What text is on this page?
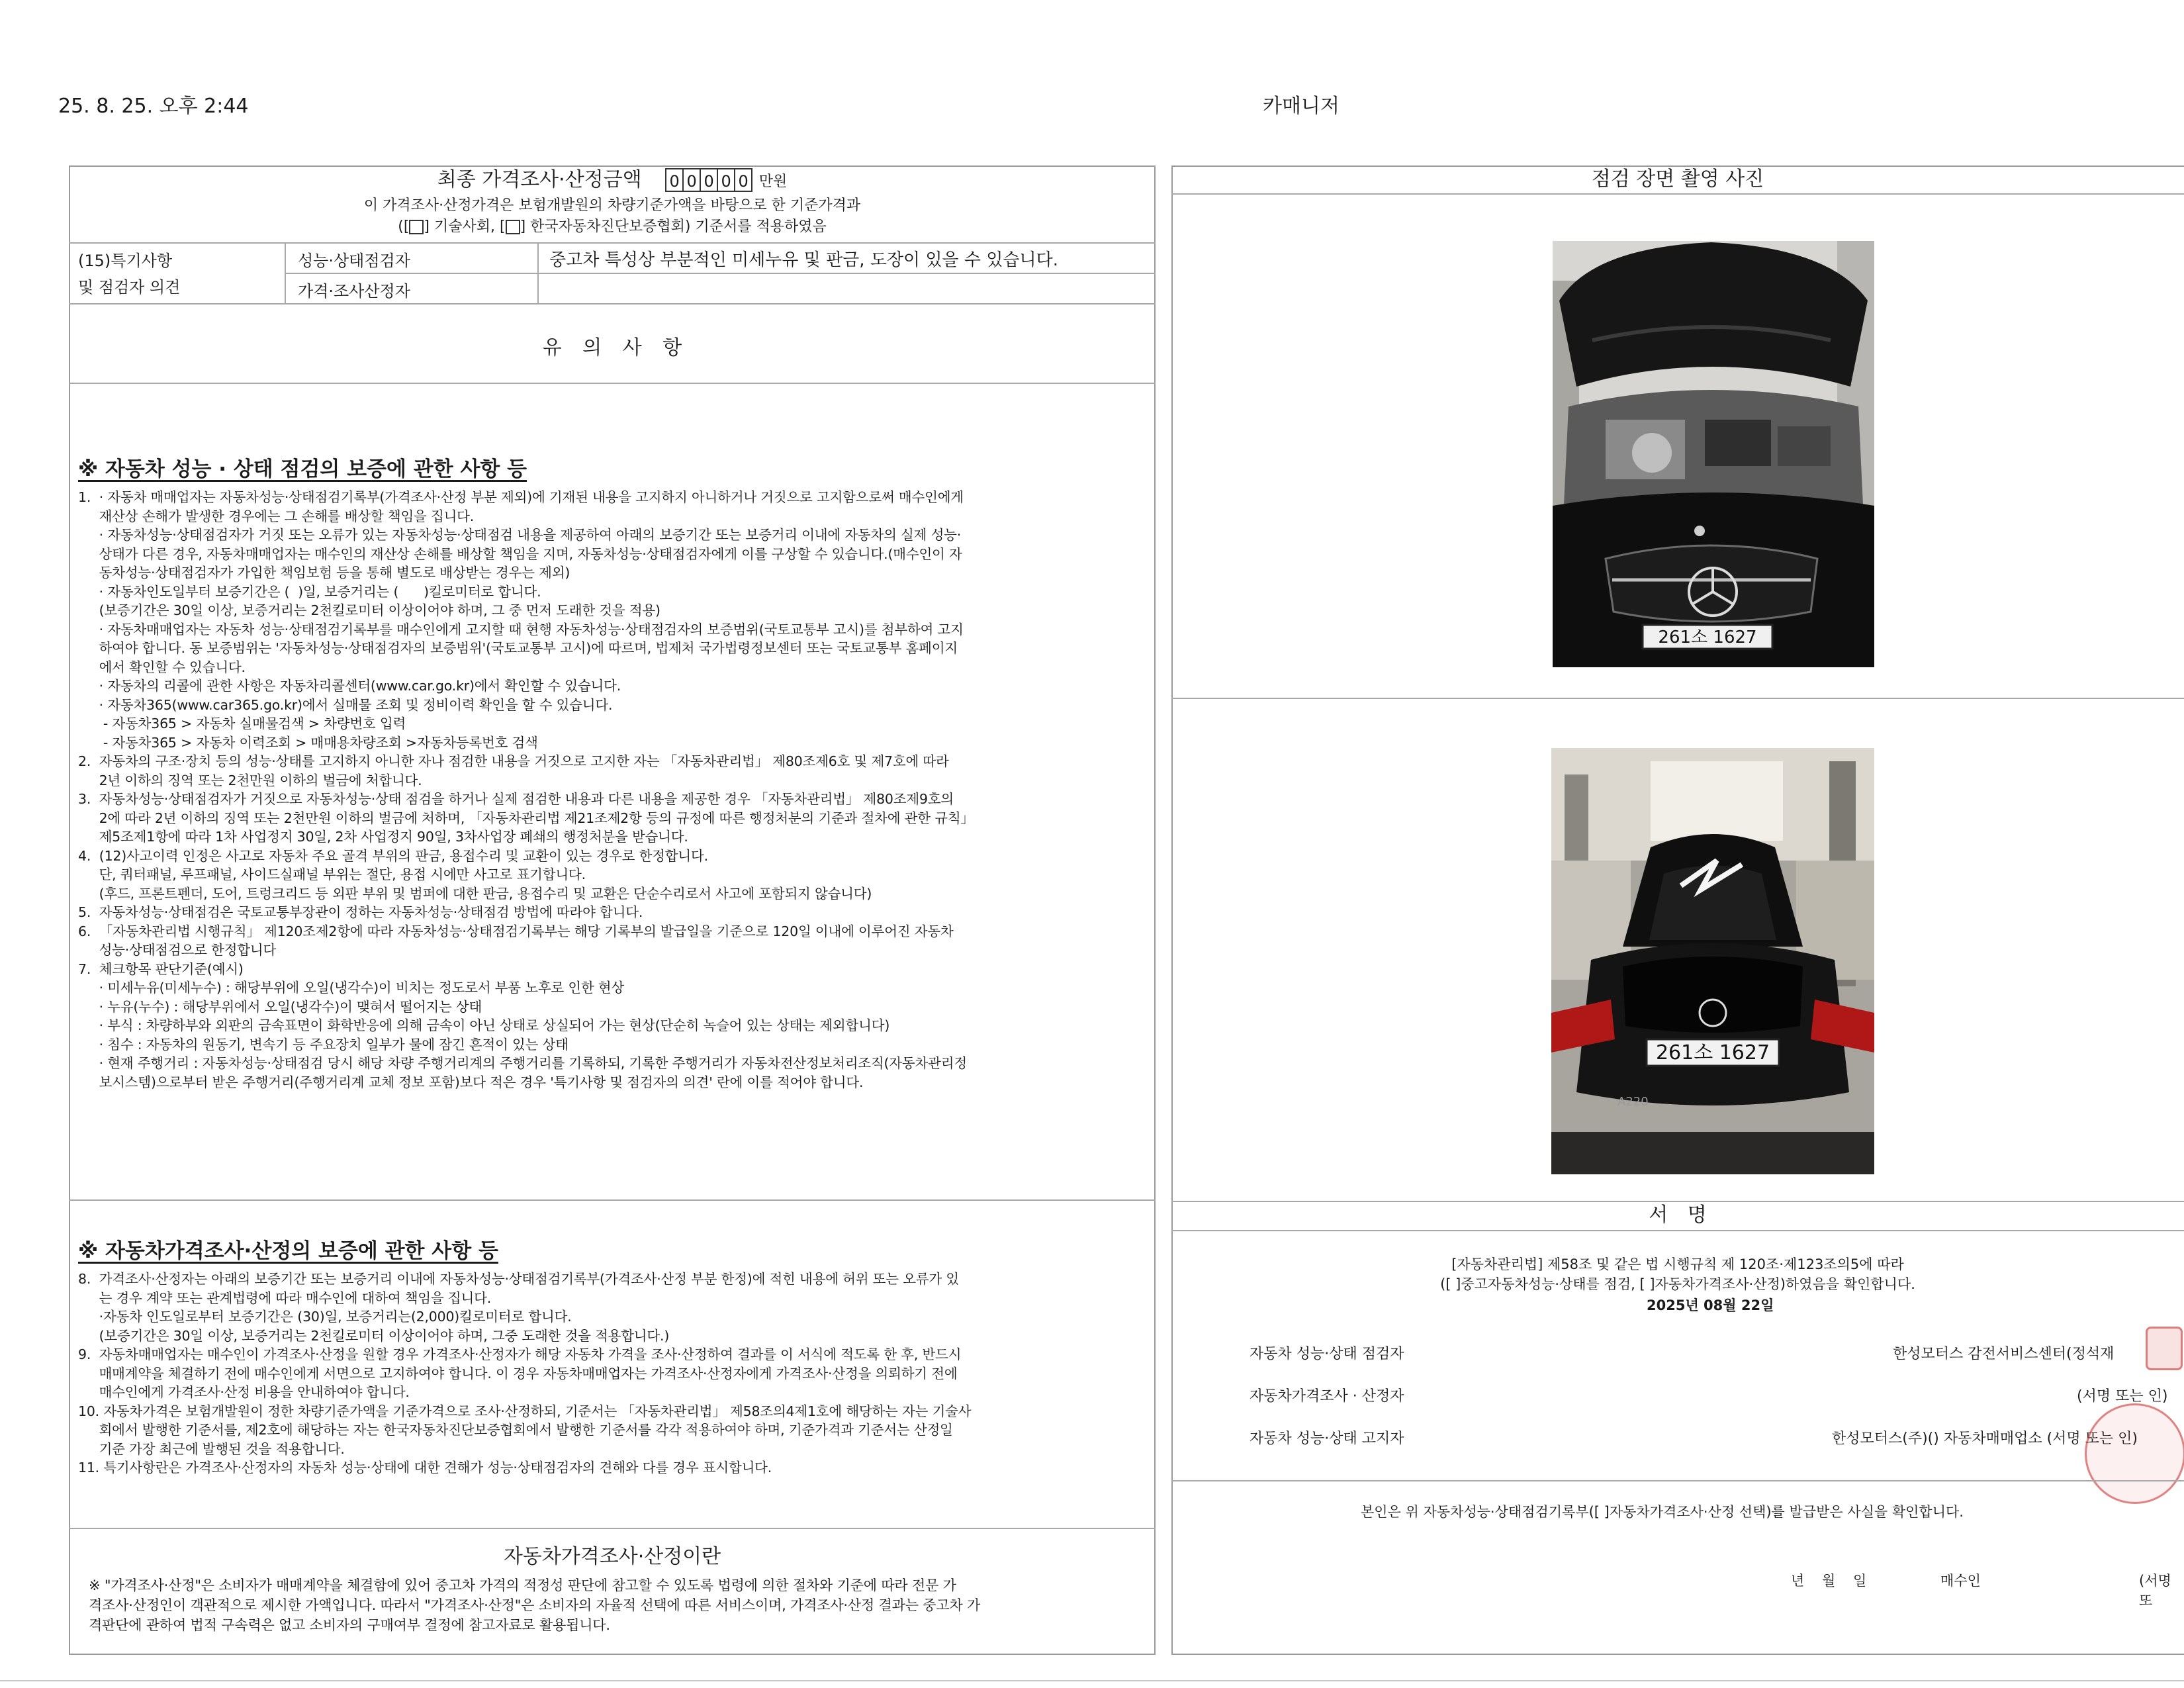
25. 8. 25. 오후 2:44	카매니저
최종 가격조사·산정금액 0 0 0 0 0 만원
이 가격조사·산정가격은 보험개발원의 차량기준가액을 바탕으로 한 기준가격과
([ ] 기술사회, [ ] 한국자동차진단보증협회) 기준서를 적용하였음
(15)특기사항
및 점검자 의견
성능·상태점검자	중고차 특성상 부분적인 미세누유 및 판금, 도장이 있을 수 있습니다.
가격·조사산정자
유 의 사 항
※ 자동차 성능 · 상태 점검의 보증에 관한 사항 등
1.  · 자동차 매매업자는 자동차성능·상태점검기록부(가격조사·산정 부분 제외)에 기재된 내용을 고지하지 아니하거나 거짓으로 고지함으로써 매수인에게
재산상 손해가 발생한 경우에는 그 손해를 배상할 책임을 집니다.
· 자동차성능·상태점검자가 거짓 또는 오류가 있는 자동차성능·상태점검 내용을 제공하여 아래의 보증기간 또는 보증거리 이내에 자동차의 실제 성능·
상태가 다른 경우, 자동차매매업자는 매수인의 재산상 손해를 배상할 책임을 지며, 자동차성능·상태점검자에게 이를 구상할 수 있습니다.(매수인이 자
동차성능·상태점검자가 가입한 책임보험 등을 통해 별도로 배상받는 경우는 제외)
· 자동차인도일부터 보증기간은 (  )일, 보증거리는 (      )킬로미터로 합니다.
(보증기간은 30일 이상, 보증거리는 2천킬로미터 이상이어야 하며, 그 중 먼저 도래한 것을 적용)
· 자동차매매업자는 자동차 성능·상태점검기록부를 매수인에게 고지할 때 현행 자동차성능·상태점검자의 보증범위(국토교통부 고시)를 첨부하여 고지
하여야 합니다. 동 보증범위는 '자동차성능·상태점검자의 보증범위'(국토교통부 고시)에 따르며, 법제처 국가법령정보센터 또는 국토교통부 홈페이지
에서 확인할 수 있습니다.
· 자동차의 리콜에 관한 사항은 자동차리콜센터(www.car.go.kr)에서 확인할 수 있습니다.
· 자동차365(www.car365.go.kr)에서 실매물 조회 및 정비이력 확인을 할 수 있습니다.
- 자동차365 > 자동차 실매물검색 > 차량번호 입력
- 자동차365 > 자동차 이력조회 > 매매용차량조회 >자동차등록번호 검색
2.  자동차의 구조·장치 등의 성능·상태를 고지하지 아니한 자나 점검한 내용을 거짓으로 고지한 자는 「자동차관리법」 제80조제6호 및 제7호에 따라
2년 이하의 징역 또는 2천만원 이하의 벌금에 처합니다.
3.  자동차성능·상태점검자가 거짓으로 자동차성능·상태 점검을 하거나 실제 점검한 내용과 다른 내용을 제공한 경우 「자동차관리법」 제80조제9호의
2에 따라 2년 이하의 징역 또는 2천만원 이하의 벌금에 처하며, 「자동차관리법 제21조제2항 등의 규정에 따른 행정처분의 기준과 절차에 관한 규칙」
제5조제1항에 따라 1차 사업정지 30일, 2차 사업정지 90일, 3차사업장 폐쇄의 행정처분을 받습니다.
4.  (12)사고이력 인정은 사고로 자동차 주요 골격 부위의 판금, 용접수리 및 교환이 있는 경우로 한정합니다.
단, 쿼터패널, 루프패널, 사이드실패널 부위는 절단, 용접 시에만 사고로 표기합니다.
(후드, 프론트펜더, 도어, 트렁크리드 등 외판 부위 및 범퍼에 대한 판금, 용접수리 및 교환은 단순수리로서 사고에 포함되지 않습니다)
5.  자동차성능·상태점검은 국토교통부장관이 정하는 자동차성능·상태점검 방법에 따라야 합니다.
6.  「자동차관리법 시행규칙」 제120조제2항에 따라 자동차성능·상태점검기록부는 해당 기록부의 발급일을 기준으로 120일 이내에 이루어진 자동차
성능·상태점검으로 한정합니다
7.  체크항목 판단기준(예시)
· 미세누유(미세누수) : 해당부위에 오일(냉각수)이 비치는 정도로서 부품 노후로 인한 현상
· 누유(누수) : 해당부위에서 오일(냉각수)이 맺혀서 떨어지는 상태
· 부식 : 차량하부와 외판의 금속표면이 화학반응에 의해 금속이 아닌 상태로 상실되어 가는 현상(단순히 녹슬어 있는 상태는 제외합니다)
· 침수 : 자동차의 원동기, 변속기 등 주요장치 일부가 물에 잠긴 흔적이 있는 상태
· 현재 주행거리 : 자동차성능·상태점검 당시 해당 차량 주행거리계의 주행거리를 기록하되, 기록한 주행거리가 자동차전산정보처리조직(자동차관리정
보시스템)으로부터 받은 주행거리(주행거리계 교체 정보 포함)보다 적은 경우 '특기사항 및 점검자의 의견' 란에 이를 적어야 합니다.
※ 자동차가격조사·산정의 보증에 관한 사항 등
8.  가격조사·산정자는 아래의 보증기간 또는 보증거리 이내에 자동차성능·상태점검기록부(가격조사·산정 부분 한정)에 적힌 내용에 허위 또는 오류가 있
는 경우 계약 또는 관계법령에 따라 매수인에 대하여 책임을 집니다.
·자동차 인도일로부터 보증기간은 (30)일, 보증거리는(2,000)킬로미터로 합니다.
(보증기간은 30일 이상, 보증거리는 2천킬로미터 이상이어야 하며, 그중 도래한 것을 적용합니다.)
9.  자동차매매업자는 매수인이 가격조사·산정을 원할 경우 가격조사·산정자가 해당 자동차 가격을 조사·산정하여 결과를 이 서식에 적도록 한 후, 반드시
매매계약을 체결하기 전에 매수인에게 서면으로 고지하여야 합니다. 이 경우 자동차매매업자는 가격조사·산정자에게 가격조사·산정을 의뢰하기 전에
매수인에게 가격조사·산정 비용을 안내하여야 합니다.
10. 자동차가격은 보험개발원이 정한 차량기준가액을 기준가격으로 조사·산정하되, 기준서는 「자동차관리법」 제58조의4제1호에 해당하는 자는 기술사
회에서 발행한 기준서를, 제2호에 해당하는 자는 한국자동차진단보증협회에서 발행한 기준서를 각각 적용하여야 하며, 기준가격과 기준서는 산정일
기준 가장 최근에 발행된 것을 적용합니다.
11. 특기사항란은 가격조사·산정자의 자동차 성능·상태에 대한 견해가 성능·상태점검자의 견해와 다를 경우 표시합니다.
자동차가격조사·산정이란
※ "가격조사·산정"은 소비자가 매매계약을 체결함에 있어 중고차 가격의 적정성 판단에 참고할 수 있도록 법령에 의한 절차와 기준에 따라 전문 가
격조사·산정인이 객관적으로 제시한 가액입니다. 따라서 "가격조사·산정"은 소비자의 자율적 선택에 따른 서비스이며, 가격조사·산정 결과는 중고차 가
격판단에 관하여 법적 구속력은 없고 소비자의 구매여부 결정에 참고자료로 활용됩니다.
점검 장면 촬영 사진
261소 1627
261소 1627
A220
서 명
[자동차관리법] 제58조 및 같은 법 시행규칙 제 120조·제123조의5에 따라
([ ]중고자동차성능·상태를 점검, [ ]자동차가격조사·산정)하였음을 확인합니다.
2025년 08월 22일
자동차 성능·상태 점검자	한성모터스 감전서비스센터(정석재
자동차가격조사 · 산정자	(서명 또는 인)
자동차 성능·상태 고지자	한성모터스(주)() 자동차매매업소 (서명 또는 인)
본인은 위 자동차성능·상태점검기록부([ ]자동차가격조사·산정 선택)를 발급받은 사실을 확인합니다.
년    월    일	매수인	(서명 또
